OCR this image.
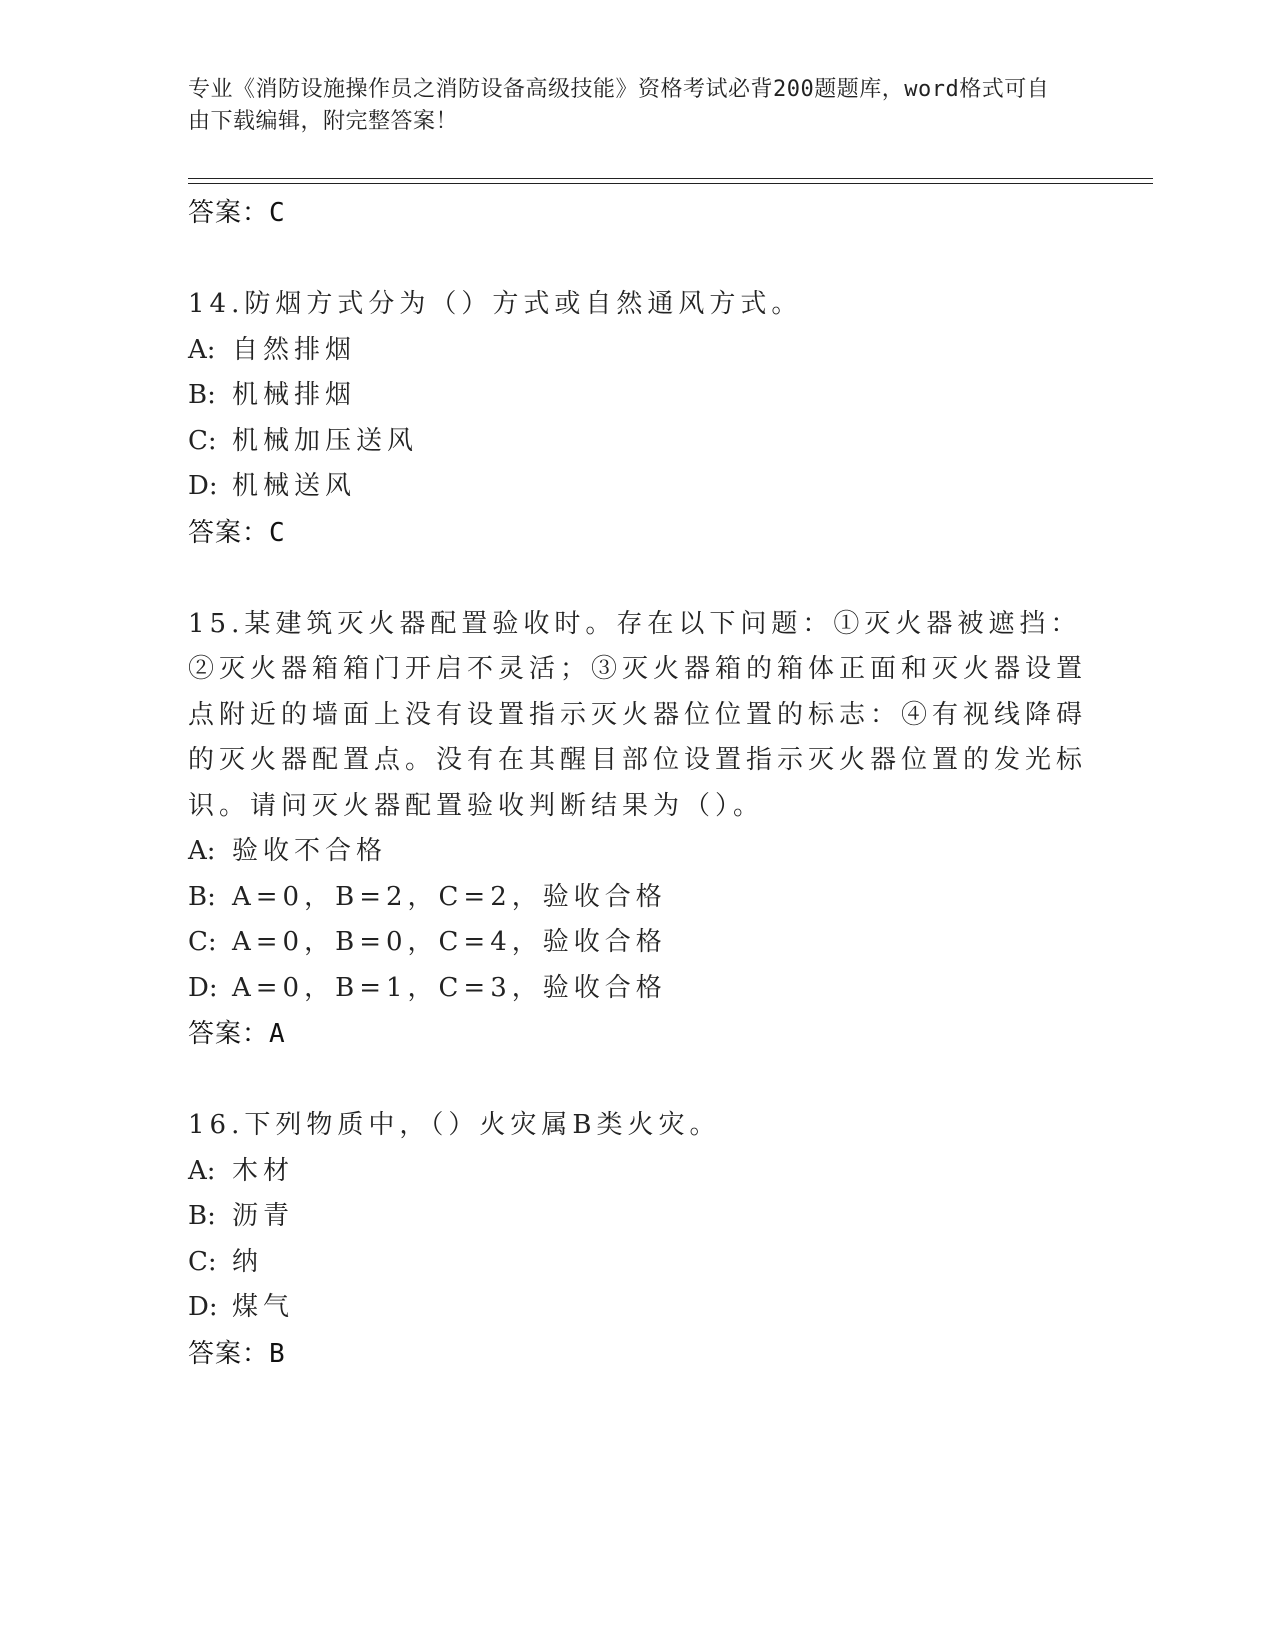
专业《消防设施操作员之消防设备高级技能》资格考试必背200题题库，word格式可自由下载编辑，附完整答案！
答案：C
14.防烟方式分为（）方式或自然通风方式。
A: 自然排烟
B: 机械排烟
C: 机械加压送风
D: 机械送风
答案：C
15.某建筑灭火器配置验收时。存在以下问题：①灭火器被遮挡：②灭火器箱箱门开启不灵活；③灭火器箱的箱体正面和灭火器设置点附近的墙面上没有设置指示灭火器位位置的标志：④有视线降碍的灭火器配置点。没有在其醒目部位设置指示灭火器位置的发光标识。请问灭火器配置验收判断结果为（）。
A: 验收不合格
B: A=0，B=2，C=2，验收合格
C: A=0，B=0，C=4，验收合格
D: A=0，B=1，C=3，验收合格
答案：A
16.下列物质中，（）火灾属B类火灾。
A: 木材
B: 沥青
C: 纳
D: 煤气
答案：B
